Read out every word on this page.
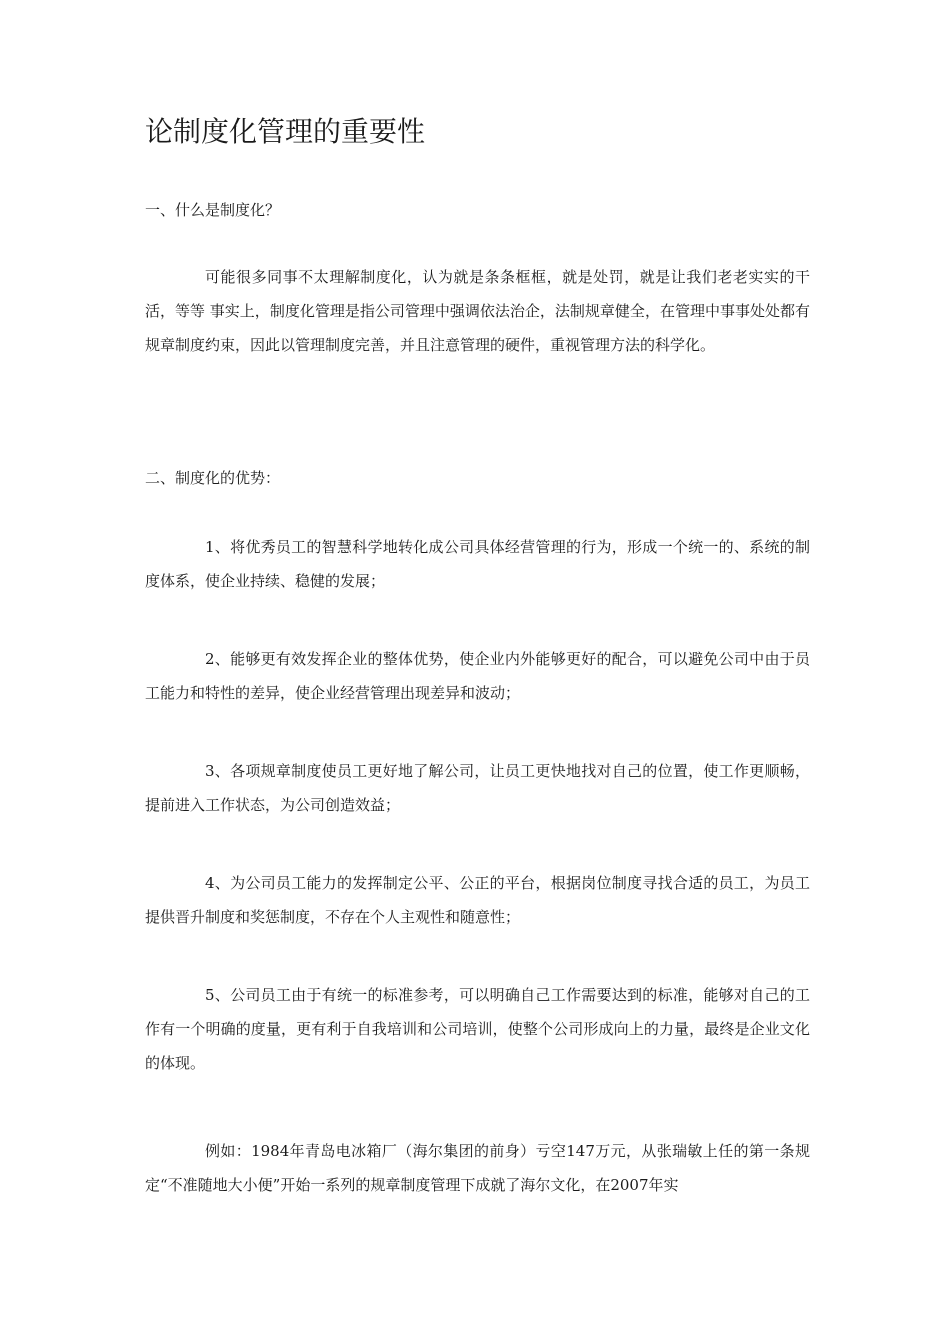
论制度化管理的重要性

一、什么是制度化？

可能很多同事不太理解制度化，认为就是条条框框，就是处罚，就是让我们老老实实的干活，等等 事实上，制度化管理是指公司管理中强调依法治企，法制规章健全，在管理中事事处处都有规章制度约束，因此以管理制度完善，并且注意管理的硬件，重视管理方法的科学化。

二、制度化的优势：

1、将优秀员工的智慧科学地转化成公司具体经营管理的行为，形成一个统一的、系统的制度体系，使企业持续、稳健的发展；

2、能够更有效发挥企业的整体优势，使企业内外能够更好的配合，可以避免公司中由于员工能力和特性的差异，使企业经营管理出现差异和波动；

3、各项规章制度使员工更好地了解公司，让员工更快地找对自己的位置，使工作更顺畅，提前进入工作状态，为公司创造效益；

4、为公司员工能力的发挥制定公平、公正的平台，根据岗位制度寻找合适的员工，为员工提供晋升制度和奖惩制度，不存在个人主观性和随意性；

5、公司员工由于有统一的标准参考，可以明确自己工作需要达到的标准，能够对自己的工作有一个明确的度量，更有利于自我培训和公司培训，使整个公司形成向上的力量，最终是企业文化的体现。

例如：1984年青岛电冰箱厂（海尔集团的前身）亏空147万元，从张瑞敏上任的第一条规定“不准随地大小便”开始一系列的规章制度管理下成就了海尔文化，在2007年实
